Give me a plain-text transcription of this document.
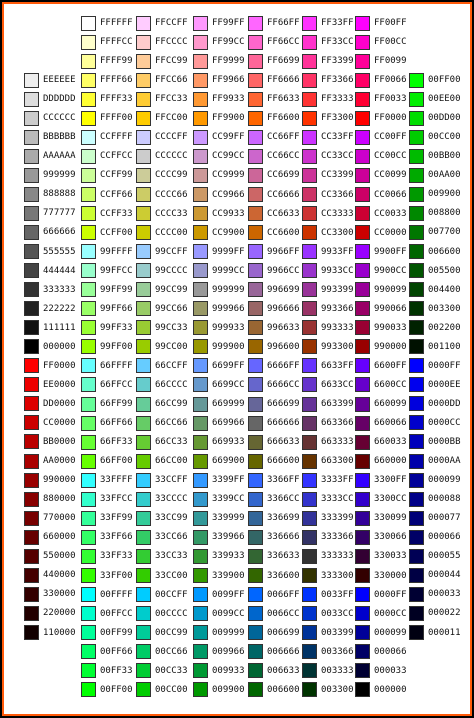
EEEEEE
DDDDDD
CCCCCC
BBBBBB
AAAAAA
999999
888888
777777
666666
555555
444444
333333
222222
111111
000000
FF0000
EE0000
DD0000
CC0000
BB0000
AA0000
990000
880000
770000
660000
550000
440000
330000
220000
110000
FFFFFF
FFFFCC
FFFF99
FFFF66
FFFF33
FFFF00
CCFFFF
CCFFCC
CCFF99
CCFF66
CCFF33
CCFF00
99FFFF
99FFCC
99FF99
99FF66
99FF33
99FF00
66FFFF
66FFCC
66FF99
66FF66
66FF33
66FF00
33FFFF
33FFCC
33FF99
33FF66
33FF33
33FF00
00FFFF
00FFCC
00FF99
00FF66
00FF33
00FF00
FFCCFF
FFCCCC
FFCC99
FFCC66
FFCC33
FFCC00
CCCCFF
CCCCCC
CCCC99
CCCC66
CCCC33
CCCC00
99CCFF
99CCCC
99CC99
99CC66
99CC33
99CC00
66CCFF
66CCCC
66CC99
66CC66
66CC33
66CC00
33CCFF
33CCCC
33CC99
33CC66
33CC33
33CC00
00CCFF
00CCCC
00CC99
00CC66
00CC33
00CC00
FF99FF
FF99CC
FF9999
FF9966
FF9933
FF9900
CC99FF
CC99CC
CC9999
CC9966
CC9933
CC9900
9999FF
9999CC
999999
999966
999933
999900
6699FF
6699CC
669999
669966
669933
669900
3399FF
3399CC
339999
339966
339933
339900
0099FF
0099CC
009999
009966
009933
009900
FF66FF
FF66CC
FF6699
FF6666
FF6633
FF6600
CC66FF
CC66CC
CC6699
CC6666
CC6633
CC6600
9966FF
9966CC
996699
996666
996633
996600
6666FF
6666CC
666699
666666
666633
666600
3366FF
3366CC
336699
336666
336633
336600
0066FF
0066CC
006699
006666
006633
006600
FF33FF
FF33CC
FF3399
FF3366
FF3333
FF3300
CC33FF
CC33CC
CC3399
CC3366
CC3333
CC3300
9933FF
9933CC
993399
993366
993333
993300
6633FF
6633CC
663399
663366
663333
663300
3333FF
3333CC
333399
333366
333333
333300
0033FF
0033CC
003399
003366
003333
003300
FF00FF
FF00CC
FF0099
FF0066
FF0033
FF0000
CC00FF
CC00CC
CC0099
CC0066
CC0033
CC0000
9900FF
9900CC
990099
990066
990033
990000
6600FF
6600CC
660099
660066
660033
660000
3300FF
3300CC
330099
330066
330033
330000
0000FF
0000CC
000099
000066
000033
000000
00FF00
00EE00
00DD00
00CC00
00BB00
00AA00
009900
008800
007700
006600
005500
004400
003300
002200
001100
0000FF
0000EE
0000DD
0000CC
0000BB
0000AA
000099
000088
000077
000066
000055
000044
000033
000022
000011
